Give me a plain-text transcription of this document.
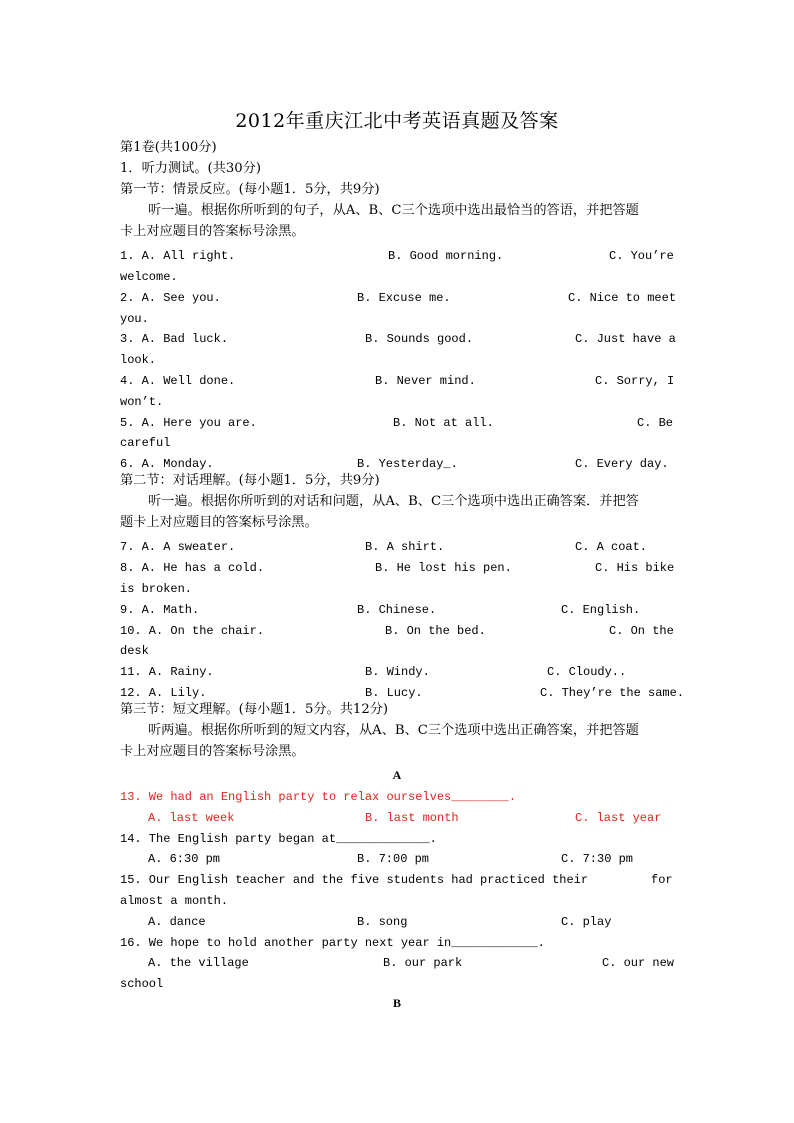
2012年重庆江北中考英语真题及答案
第1卷(共100分)
1．听力测试。(共30分)
第一节：情景反应。(每小题1．5分，共9分)
听一遍。根据你所听到的句子，从A、B、C三个选项中选出最恰当的答语，并把答题
卡上对应题目的答案标号涂黑。
1. A. All right.	B. Good morning.	C. You’re
welcome.
2. A. See you.	B. Excuse me.	C. Nice to meet
you.
3. A. Bad luck.	B. Sounds good.	C. Just have a
look.
4. A. Well done.	B. Never mind.	C. Sorry, I
won’t.
5. A. Here you are.	B. Not at all.	C. Be
careful
6. A. Monday.	B. Yesterday_.	C. Every day.
第二节：对话理解。(每小题1．5分，共9分)
听一遍。根据你所听到的对话和问题，从A、B、C三个选项中选出正确答案．并把答
题卡上对应题目的答案标号涂黑。
7. A. A sweater.	B. A shirt.	C. A coat.
8. A. He has a cold.	B. He lost his pen.	C. His bike
is broken.
9. A. Math.	B. Chinese.	C. English.
10. A. On the chair.	B. On the bed.	C. On the
desk
11. A. Rainy.	B. Windy.	C. Cloudy..
12. A. Lily.	B. Lucy.	C. They’re the same.
第三节：短文理解。(每小题1．5分。共12分)
听两遍。根据你所听到的短文内容，从A、B、C三个选项中选出正确答案，并把答题
卡上对应题目的答案标号涂黑。
A
13. We had an English party to relax ourselves________.
A. last week	B. last month	C. last year
14. The English party began at_____________.
A. 6:30 pm	B. 7:00 pm	C. 7:30 pm
15. Our English teacher and the five students had practiced their	for
almost a month.
A. dance	B. song	C. play
16. We hope to hold another party next year in____________.
A. the village	B. our park	C. our new
school
B
